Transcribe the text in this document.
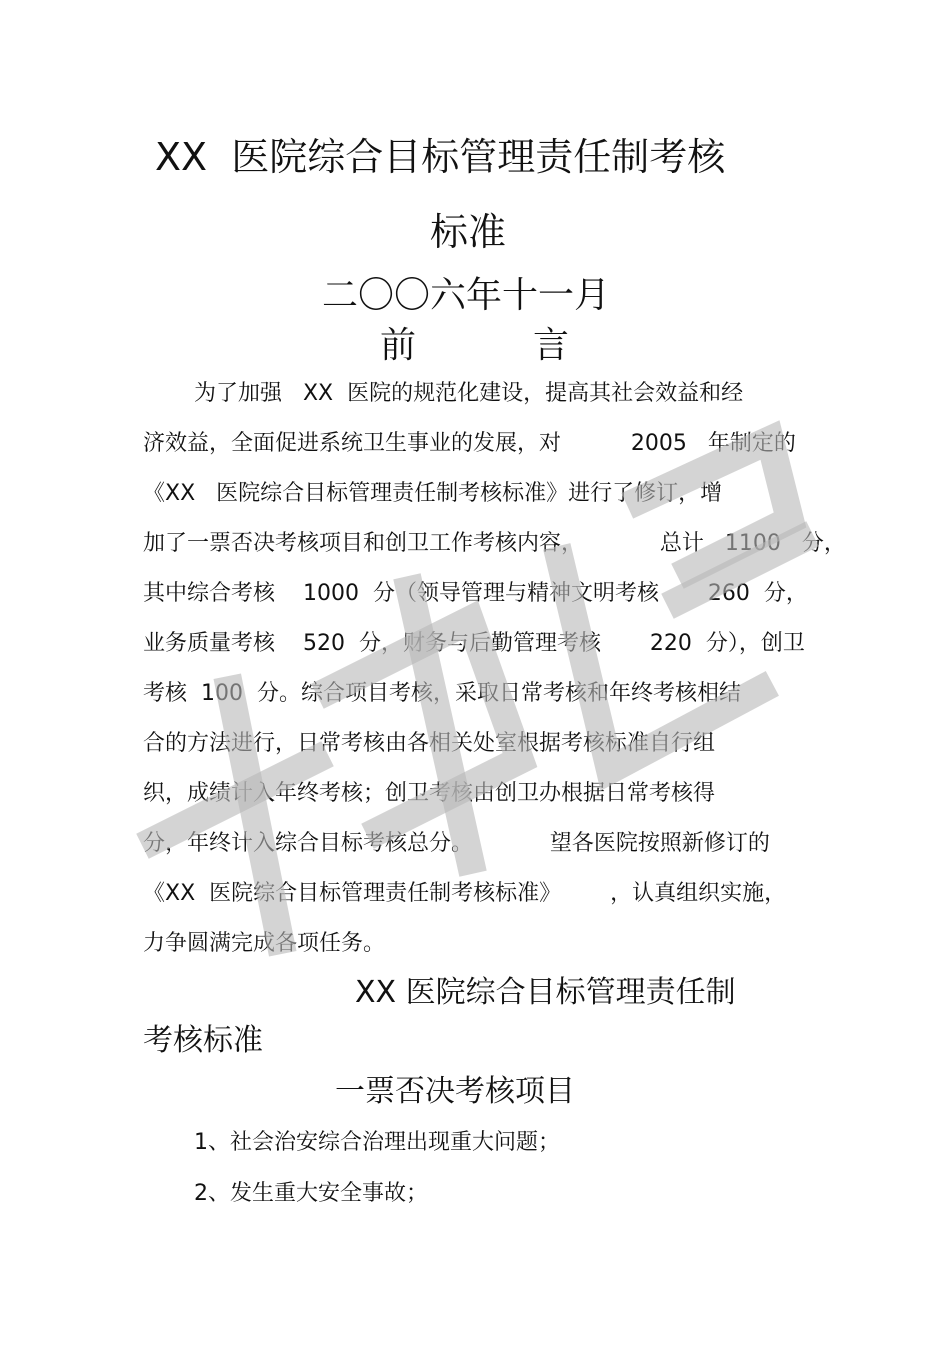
XX  医院综合目标管理责任制考核
标准
二〇〇六年十一月
前	言
为了加强   XX  医院的规范化建设，提高其社会效益和经
济效益，全面促进系统卫生事业的发展，对          2005   年制定的
《XX   医院综合目标管理责任制考核标准》进行了修订，增
加了一票否决考核项目和创卫工作考核内容，           总计   1100   分，
其中综合考核    1000  分（领导管理与精神文明考核       260  分，
业务质量考核    520  分，财务与后勤管理考核       220  分），创卫
考核  100  分。综合项目考核，采取日常考核和年终考核相结
合的方法进行，日常考核由各相关处室根据考核标准自行组
织，成绩计入年终考核；创卫考核由创卫办根据日常考核得
分，年终计入综合目标考核总分。           望各医院按照新修订的
《XX  医院综合目标管理责任制考核标准》       ，认真组织实施，
力争圆满完成各项任务。
XX 医院综合目标管理责任制
考核标准
一票否决考核项目
1、社会治安综合治理出现重大问题；
2、发生重大安全事故；
